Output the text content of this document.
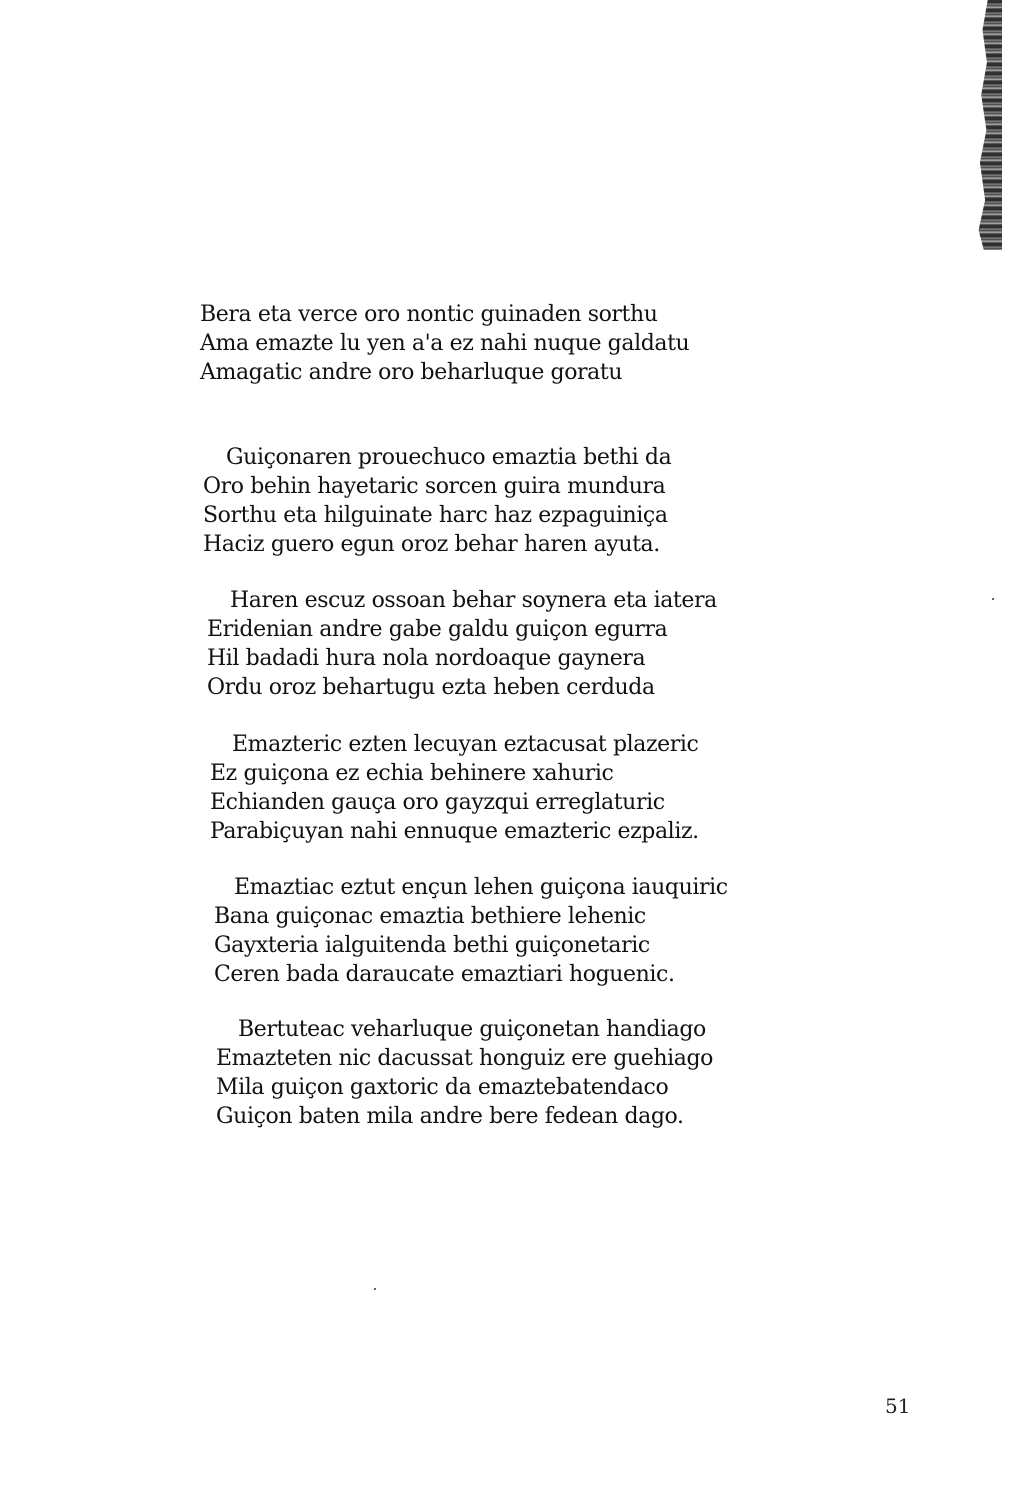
Bera eta verce oro nontic guinaden sorthu
Ama emazte lu yen a'a ez nahi nuque galdatu
Amagatic andre oro beharluque goratu
Guiçonaren prouechuco emaztia bethi da
Oro behin hayetaric sorcen guira mundura
Sorthu eta hilguinate harc haz ezpaguiniça
Haciz guero egun oroz behar haren ayuta.
Haren escuz ossoan behar soynera eta iatera
Eridenian andre gabe galdu guiçon egurra
Hil badadi hura nola nordoaque gaynera
Ordu oroz behartugu ezta heben cerduda
Emazteric ezten lecuyan eztacusat plazeric
Ez guiçona ez echia behinere xahuric
Echianden gauça oro gayzqui erreglaturic
Parabiçuyan nahi ennuque emazteric ezpaliz.
Emaztiac eztut ençun lehen guiçona iauquiric
Bana guiçonac emaztia bethiere lehenic
Gayxteria ialguitenda bethi guiçonetaric
Ceren bada daraucate emaztiari hoguenic.
Bertuteac veharluque guiçonetan handiago
Emazteten nic dacussat honguiz ere guehiago
Mila guiçon gaxtoric da emaztebatendaco
Guiçon baten mila andre bere fedean dago.
51
